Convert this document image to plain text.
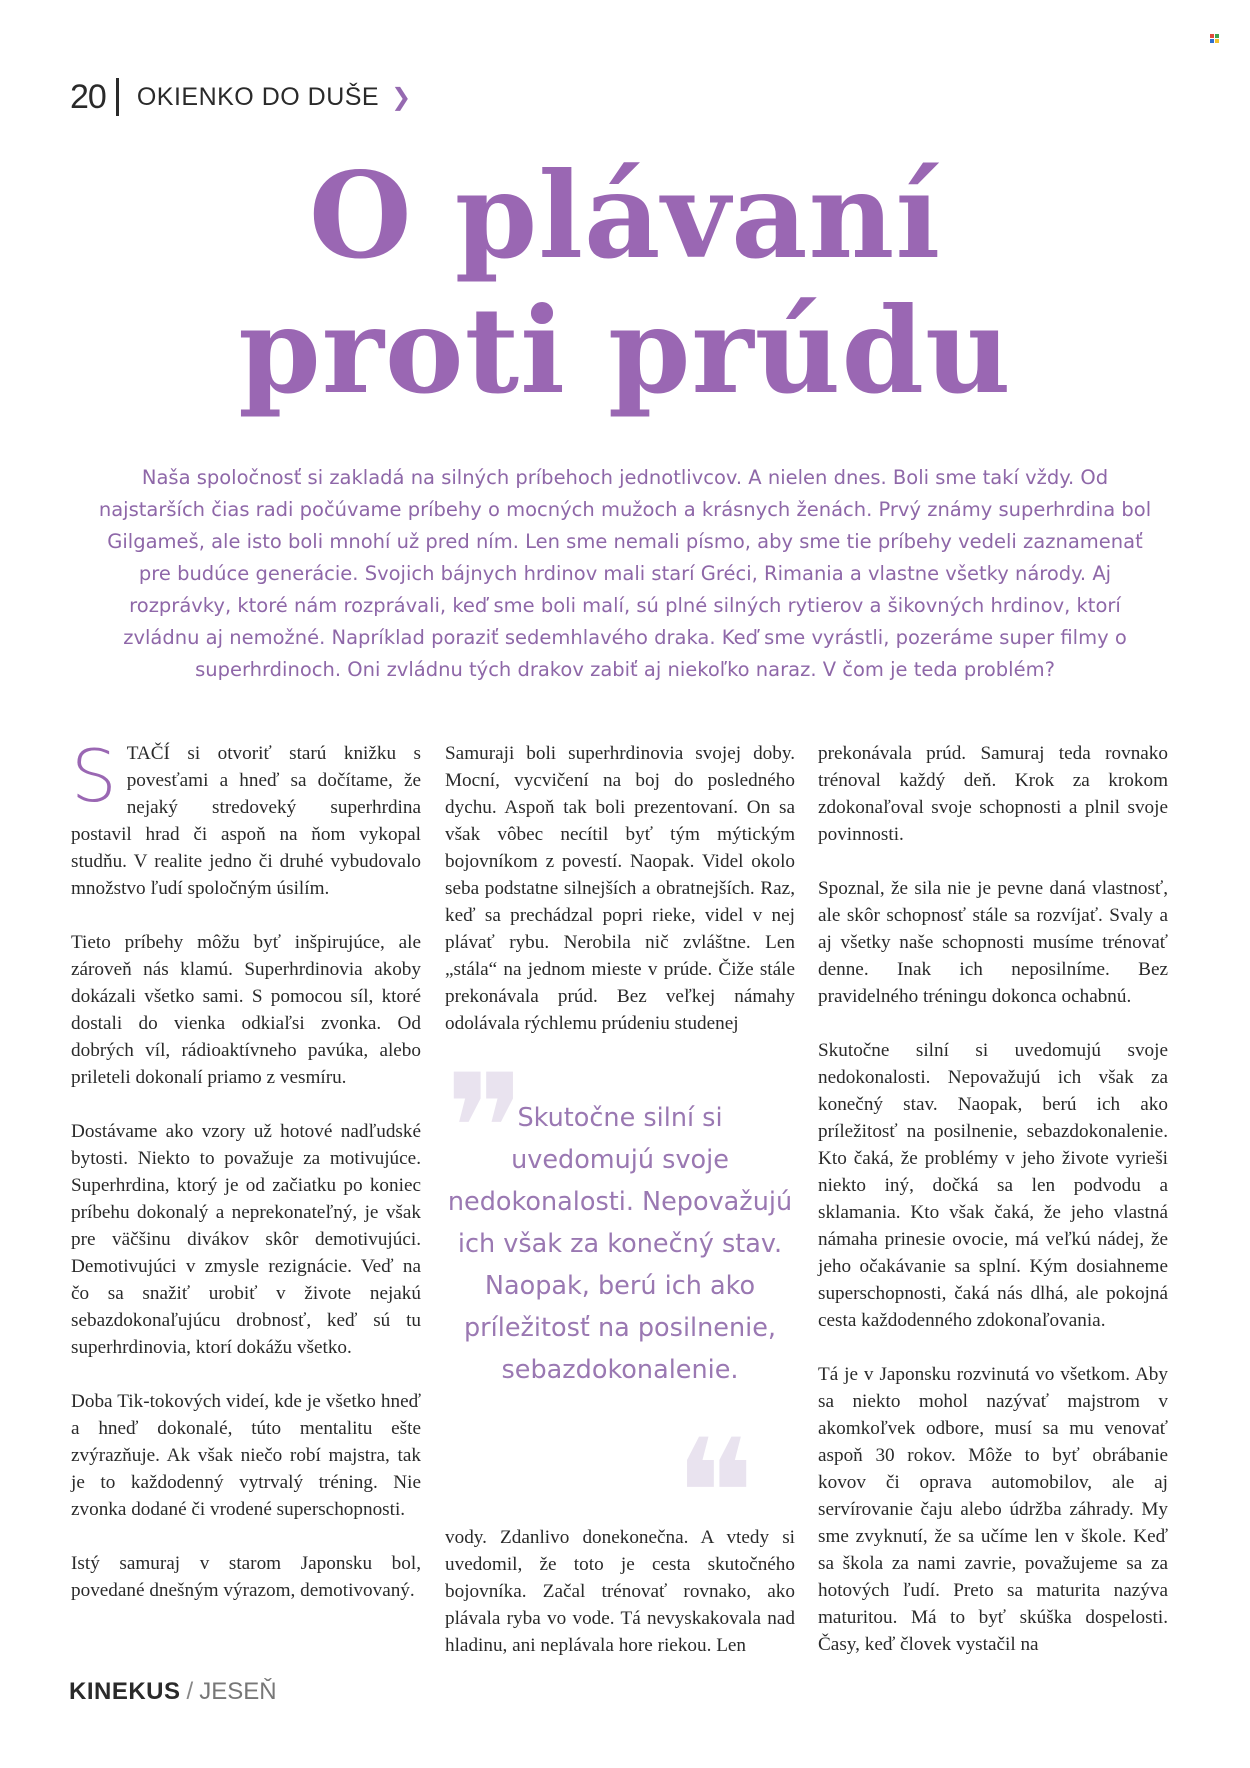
20 OKIENKO DO DUŠE ❯
O plávaní
proti prúdu
Naša spoločnosť si zakladá na silných príbehoch jednotlivcov. A nielen dnes. Boli sme takí vždy. Od najstarších čias radi počúvame príbehy o mocných mužoch a krásnych ženách. Prvý známy superhrdina bol Gilgameš, ale isto boli mnohí už pred ním. Len sme nemali písmo, aby sme tie príbehy vedeli zaznamenať pre budúce generácie. Svojich bájnych hrdinov mali starí Gréci, Rimania a vlastne všetky národy. Aj rozprávky, ktoré nám rozprávali, keď sme boli malí, sú plné silných rytierov a šikovných hrdinov, ktorí zvládnu aj nemožné. Napríklad poraziť sedemhlavého draka. Keď sme vyrástli, pozeráme super filmy o superhrdinoch. Oni zvládnu tých drakov zabiť aj niekoľko naraz. V čom je teda problém?

STAČÍ si otvoriť starú knižku s povesťami a hneď sa dočítame, že nejaký stredoveký superhrdina postavil hrad či aspoň na ňom vykopal studňu. V realite jedno či druhé vybudovalo množstvo ľudí spoločným úsilím.

Tieto príbehy môžu byť inšpirujúce, ale zároveň nás klamú. Superhrdinovia akoby dokázali všetko sami. S pomocou síl, ktoré dostali do vienka odkiaľsi zvonka. Od dobrých víl, rádioaktívneho pavúka, alebo prileteli dokonalí priamo z vesmíru.

Dostávame ako vzory už hotové nadľudské bytosti. Niekto to považuje za motivujúce. Superhrdina, ktorý je od začiatku po koniec príbehu dokonalý a neprekonateľný, je však pre väčšinu divákov skôr demotivujúci. Demotivujúci v zmysle rezignácie. Veď na čo sa snažiť urobiť v živote nejakú sebazdokonaľujúcu drobnosť, keď sú tu superhrdinovia, ktorí dokážu všetko.

Doba Tik-tokových videí, kde je všetko hneď a hneď dokonalé, túto mentalitu ešte zvýrazňuje. Ak však niečo robí majstra, tak je to každodenný vytrvalý tréning. Nie zvonka dodané či vrodené superschopnosti.

Istý samuraj v starom Japonsku bol, povedané dnešným výrazom, demotivovaný.

Samuraji boli superhrdinovia svojej doby. Mocní, vycvičení na boj do posledného dychu. Aspoň tak boli prezentovaní. On sa však vôbec necítil byť tým mýtickým bojovníkom z povestí. Naopak. Videl okolo seba podstatne silnejších a obratnejších. Raz, keď sa prechádzal popri rieke, videl v nej plávať rybu. Nerobila nič zvláštne. Len „stála“ na jednom mieste v prúde. Čiže stále prekonávala prúd. Bez veľkej námahy odolávala rýchlemu prúdeniu studenej

❞
❝
Skutočne silní si uvedomujú svoje nedokonalosti. Nepovažujú ich však za konečný stav. Naopak, berú ich ako príležitosť na posilnenie, sebazdokonalenie.
vody. Zdanlivo donekonečna. A vtedy si uvedomil, že toto je cesta skutočného bojovníka. Začal trénovať rovnako, ako plávala ryba vo vode. Tá nevyskakovala nad hladinu, ani neplávala hore riekou. Len

prekonávala prúd. Samuraj teda rovnako trénoval každý deň. Krok za krokom zdokonaľoval svoje schopnosti a plnil svoje povinnosti.

Spoznal, že sila nie je pevne daná vlastnosť, ale skôr schopnosť stále sa rozvíjať. Svaly a aj všetky naše schopnosti musíme trénovať denne. Inak ich neposilníme. Bez pravidelného tréningu dokonca ochabnú.

Skutočne silní si uvedomujú svoje nedokonalosti. Nepovažujú ich však za konečný stav. Naopak, berú ich ako príležitosť na posilnenie, sebazdokonalenie. Kto čaká, že problémy v jeho živote vyrieši niekto iný, dočká sa len podvodu a sklamania. Kto však čaká, že jeho vlastná námaha prinesie ovocie, má veľkú nádej, že jeho očakávanie sa splní. Kým dosiahneme superschopnosti, čaká nás dlhá, ale pokojná cesta každodenného zdokonaľovania.

Tá je v Japonsku rozvinutá vo všetkom. Aby sa niekto mohol nazývať majstrom v akomkoľvek odbore, musí sa mu venovať aspoň 30 rokov. Môže to byť obrábanie kovov či oprava automobilov, ale aj servírovanie čaju alebo údržba záhrady. My sme zvyknutí, že sa učíme len v škole. Keď sa škola za nami zavrie, považujeme sa za hotových ľudí. Preto sa maturita nazýva maturitou. Má to byť skúška dospelosti. Časy, keď človek vystačil na

KINEKUS / JESEŇ
